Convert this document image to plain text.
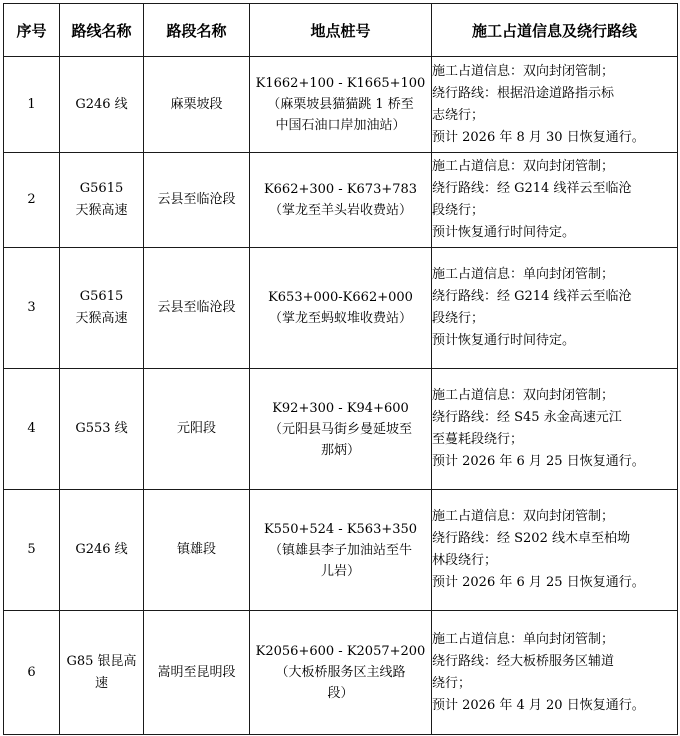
序号	路线名称	路段名称	地点桩号	施工占道信息及绕行路线
1	G246 线	麻栗坡段	K1662+100 - K1665+100
（麻栗坡县猫猫跳 1 桥至
中国石油口岸加油站）	施工占道信息：双向封闭管制；
绕行路线：根据沿途道路指示标
志绕行；
预计 2026 年 8 月 30 日恢复通行。

2	G5615
天猴高速	云县至临沧段	K662+300 - K673+783
（掌龙至羊头岩收费站）	施工占道信息：双向封闭管制；
绕行路线：经 G214 线祥云至临沧
段绕行；
预计恢复通行时间待定。

3	G5615
天猴高速	云县至临沧段	K653+000-K662+000
（掌龙至蚂蚁堆收费站）	施工占道信息：单向封闭管制；
绕行路线：经 G214 线祥云至临沧
段绕行；
预计恢复通行时间待定。

4	G553 线	元阳段	K92+300 - K94+600
（元阳县马街乡曼延坡至
那炳）	施工占道信息：双向封闭管制；
绕行路线：经 S45 永金高速元江
至蔓耗段绕行；
预计 2026 年 6 月 25 日恢复通行。

5	G246 线	镇雄段	K550+524 - K563+350
（镇雄县李子加油站至牛
儿岩）	施工占道信息：双向封闭管制；
绕行路线：经 S202 线木卓至柏坳
林段绕行；
预计 2026 年 6 月 25 日恢复通行。

6	G85 银昆高
速	嵩明至昆明段	K2056+600 - K2057+200
（大板桥服务区主线路
段）	施工占道信息：单向封闭管制；
绕行路线：经大板桥服务区辅道
绕行；
预计 2026 年 4 月 20 日恢复通行。
